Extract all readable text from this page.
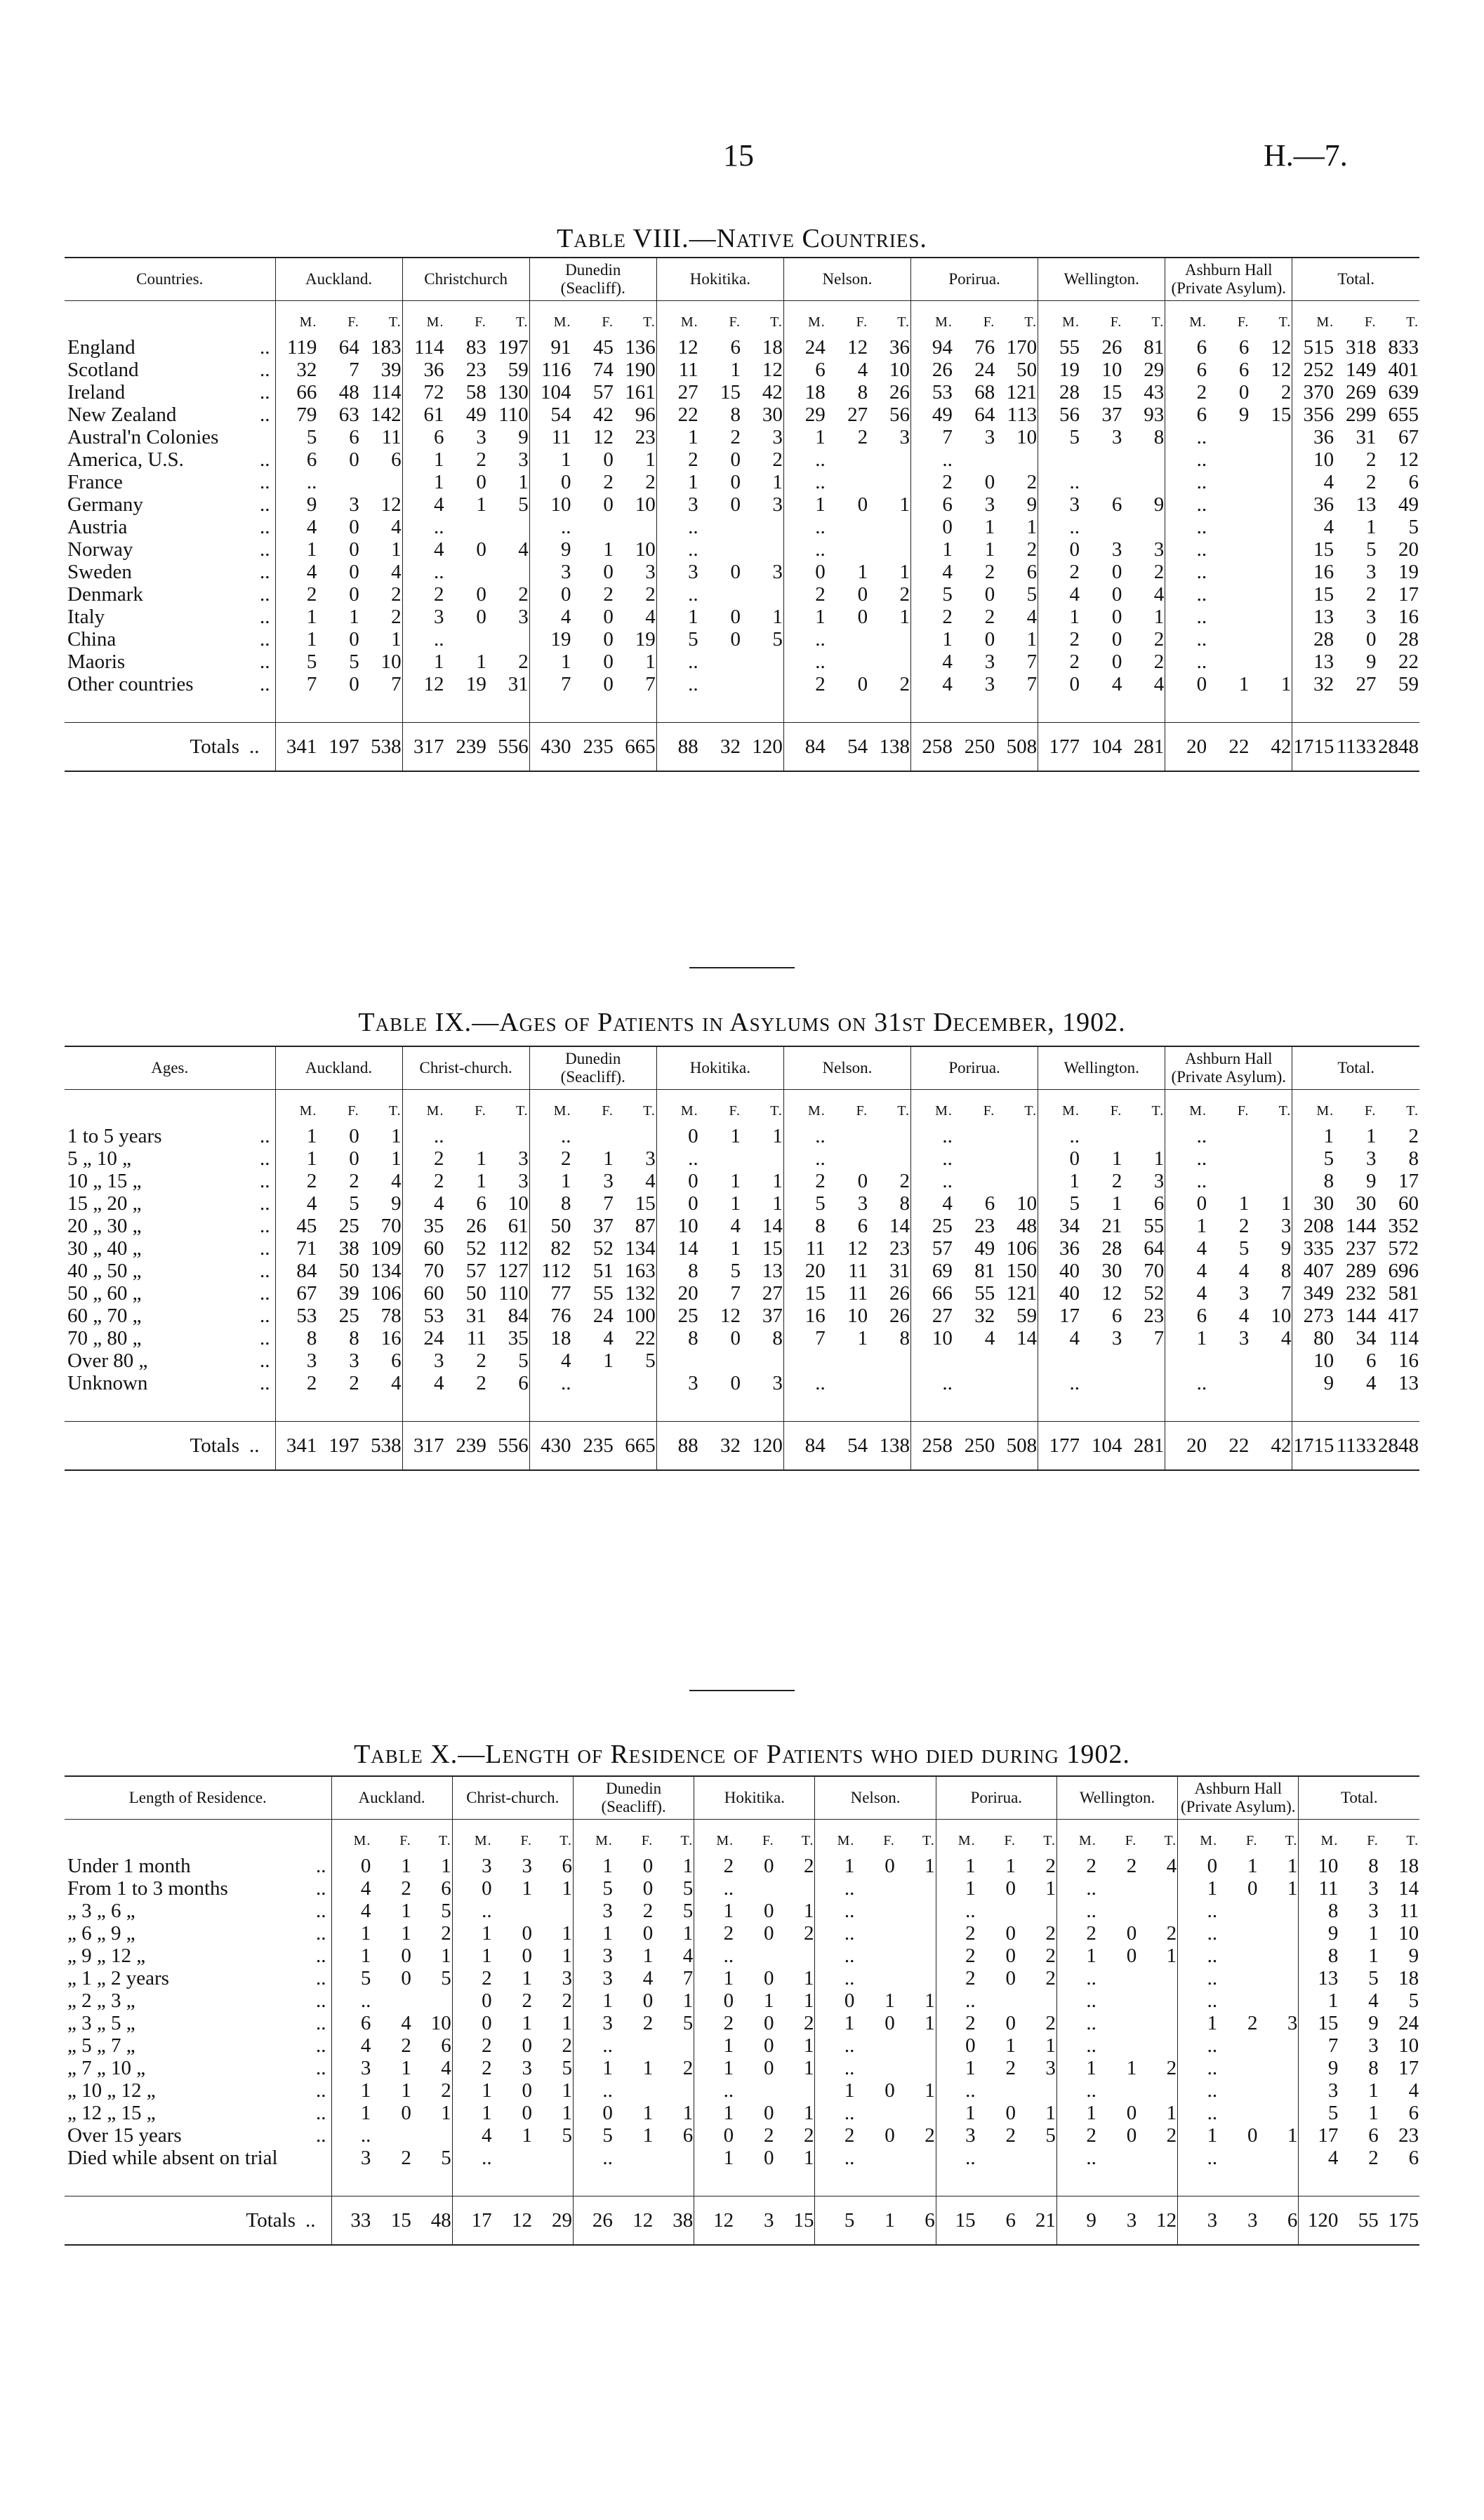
15	H.—7.
Table VIII.—Native Countries.
Countries.	Auckland.			Christchurch			Dunedin (Seacliff).			Hokitika.			Nelson.			Porirua.			Wellington.			Ashburn Hall (Private Asylum).			Total.		
	M.	F.	T.	M.	F.	T.	M.	F.	T.	M.	F.	T.	M.	F.	T.	M.	F.	T.	M.	F.	T.	M.	F.	T.	M.	F.	T.
England ..	119	64	183	114	83	197	91	45	136	12	6	18	24	12	36	94	76	170	55	26	81	6	6	12	515	318	833
Scotland ..	32	7	39	36	23	59	116	74	190	11	1	12	6	4	10	26	24	50	19	10	29	6	6	12	252	149	401
Ireland ..	66	48	114	72	58	130	104	57	161	27	15	42	18	8	26	53	68	121	28	15	43	2	0	2	370	269	639
New Zealand ..	79	63	142	61	49	110	54	42	96	22	8	30	29	27	56	49	64	113	56	37	93	6	9	15	356	299	655
Austral'n Colonies	5	6	11	6	3	9	11	12	23	1	2	3	1	2	3	7	3	10	5	3	8	..			36	31	67
America, U.S. ..	6	0	6	1	2	3	1	0	1	2	0	2	..			..						..			10	2	12
France ..	..			1	0	1	0	2	2	1	0	1	..			2	0	2	..			..			4	2	6
Germany ..	9	3	12	4	1	5	10	0	10	3	0	3	1	0	1	6	3	9	3	6	9	..			36	13	49
Austria ..	4	0	4	..			..			..			..			0	1	1	..			..			4	1	5
Norway ..	1	0	1	4	0	4	9	1	10	..			..			1	1	2	0	3	3	..			15	5	20
Sweden ..	4	0	4	..			3	0	3	3	0	3	0	1	1	4	2	6	2	0	2	..			16	3	19
Denmark ..	2	0	2	2	0	2	0	2	2	..			2	0	2	5	0	5	4	0	4	..			15	2	17
Italy ..	1	1	2	3	0	3	4	0	4	1	0	1	1	0	1	2	2	4	1	0	1	..			13	3	16
China ..	1	0	1	..			19	0	19	5	0	5	..			1	0	1	2	0	2	..			28	0	28
Maoris ..	5	5	10	1	1	2	1	0	1	..			..			4	3	7	2	0	2	..			13	9	22
Other countries ..	7	0	7	12	19	31	7	0	7	..			2	0	2	4	3	7	0	4	4	0	1	1	32	27	59

Totals ..	341	197	538	317	239	556	430	235	665	88	32	120	84	54	138	258	250	508	177	104	281	20	22	42	1715	1133	2848
Table IX.—Ages of Patients in Asylums on 31st December, 1902.
Ages.	Auckland.			Christ-church.			Dunedin (Seacliff).			Hokitika.			Nelson.			Porirua.			Wellington.			Ashburn Hall (Private Asylum).			Total.		
	M.	F.	T.	M.	F.	T.	M.	F.	T.	M.	F.	T.	M.	F.	T.	M.	F.	T.	M.	F.	T.	M.	F.	T.	M.	F.	T.
1 to 5 years ..	1	0	1	..			..			0	1	1	..			..			..			..			1	1	2
5 „ 10 „ ..	1	0	1	2	1	3	2	1	3	..			..			..			0	1	1	..			5	3	8
10 „ 15 „ ..	2	2	4	2	1	3	1	3	4	0	1	1	2	0	2	..			1	2	3	..			8	9	17
15 „ 20 „ ..	4	5	9	4	6	10	8	7	15	0	1	1	5	3	8	4	6	10	5	1	6	0	1	1	30	30	60
20 „ 30 „ ..	45	25	70	35	26	61	50	37	87	10	4	14	8	6	14	25	23	48	34	21	55	1	2	3	208	144	352
30 „ 40 „ ..	71	38	109	60	52	112	82	52	134	14	1	15	11	12	23	57	49	106	36	28	64	4	5	9	335	237	572
40 „ 50 „ ..	84	50	134	70	57	127	112	51	163	8	5	13	20	11	31	69	81	150	40	30	70	4	4	8	407	289	696
50 „ 60 „ ..	67	39	106	60	50	110	77	55	132	20	7	27	15	11	26	66	55	121	40	12	52	4	3	7	349	232	581
60 „ 70 „ ..	53	25	78	53	31	84	76	24	100	25	12	37	16	10	26	27	32	59	17	6	23	6	4	10	273	144	417
70 „ 80 „ ..	8	8	16	24	11	35	18	4	22	8	0	8	7	1	8	10	4	14	4	3	7	1	3	4	80	34	114
Over 80 „ ..	3	3	6	3	2	5	4	1	5																10	6	16
Unknown ..	2	2	4	4	2	6	..			3	0	3	..			..			..			..			9	4	13

Totals ..	341	197	538	317	239	556	430	235	665	88	32	120	84	54	138	258	250	508	177	104	281	20	22	42	1715	1133	2848
Table X.—Length of Residence of Patients who died during 1902.
Length of Residence.	Auckland.			Christ-church.			Dunedin (Seacliff).			Hokitika.			Nelson.			Porirua.			Wellington.			Ashburn Hall (Private Asylum).			Total.		
	M.	F.	T.	M.	F.	T.	M.	F.	T.	M.	F.	T.	M.	F.	T.	M.	F.	T.	M.	F.	T.	M.	F.	T.	M.	F.	T.
Under 1 month ..	0	1	1	3	3	6	1	0	1	2	0	2	1	0	1	1	1	2	2	2	4	0	1	1	10	8	18
From 1 to 3 months ..	4	2	6	0	1	1	5	0	5	..			..			1	0	1	..			1	0	1	11	3	14
„ 3 „ 6 „ ..	4	1	5	..			3	2	5	1	0	1	..			..			..			..			8	3	11
„ 6 „ 9 „ ..	1	1	2	1	0	1	1	0	1	2	0	2	..			2	0	2	2	0	2	..			9	1	10
„ 9 „ 12 „ ..	1	0	1	1	0	1	3	1	4	..			..			2	0	2	1	0	1	..			8	1	9
„ 1 „ 2 years ..	5	0	5	2	1	3	3	4	7	1	0	1	..			2	0	2	..			..			13	5	18
„ 2 „ 3 „ ..	..			0	2	2	1	0	1	0	1	1	0	1	1	..			..			..			1	4	5
„ 3 „ 5 „ ..	6	4	10	0	1	1	3	2	5	2	0	2	1	0	1	2	0	2	..			1	2	3	15	9	24
„ 5 „ 7 „ ..	4	2	6	2	0	2	..			1	0	1	..			0	1	1	..			..			7	3	10
„ 7 „ 10 „ ..	3	1	4	2	3	5	1	1	2	1	0	1	..			1	2	3	1	1	2	..			9	8	17
„ 10 „ 12 „ ..	1	1	2	1	0	1	..			..			1	0	1	..			..			..			3	1	4
„ 12 „ 15 „ ..	1	0	1	1	0	1	0	1	1	1	0	1	..			1	0	1	1	0	1	..			5	1	6
Over 15 years ..	..			4	1	5	5	1	6	0	2	2	2	0	2	3	2	5	2	0	2	1	0	1	17	6	23
Died while absent on trial	3	2	5	..			..			1	0	1	..			..			..			..			4	2	6

Totals ..	33	15	48	17	12	29	26	12	38	12	3	15	5	1	6	15	6	21	9	3	12	3	3	6	120	55	175
